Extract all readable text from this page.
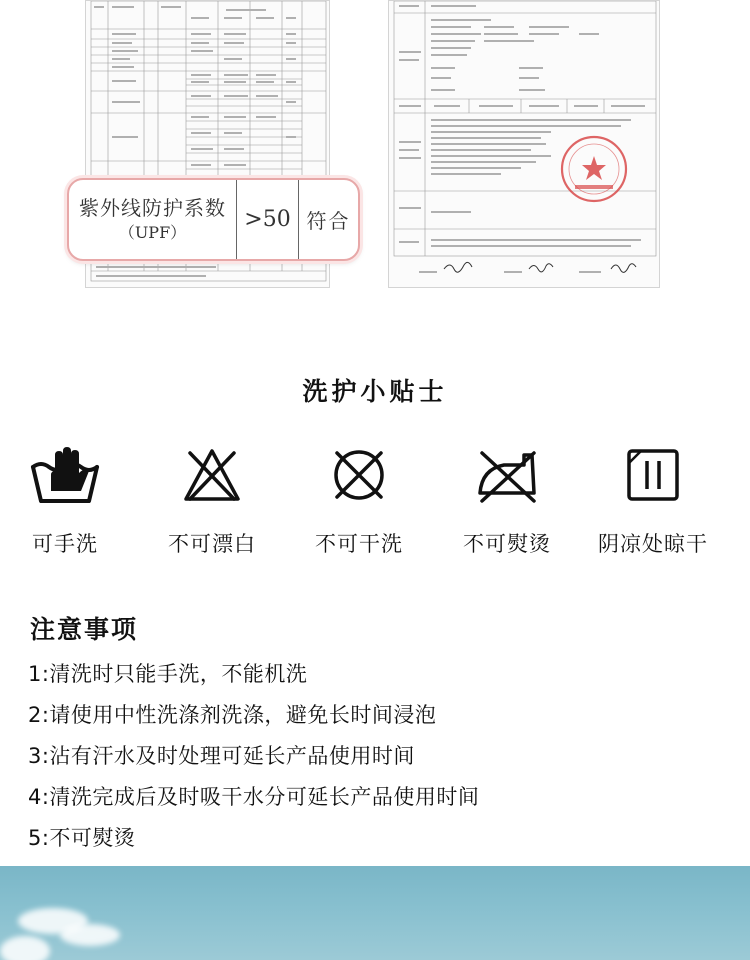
紫外线防护系数
（UPF）
>50 符合
洗护小贴士
可手洗	不可漂白	不可干洗	不可熨烫	阴凉处晾干
注意事项
1:清洗时只能手洗，不能机洗
2:请使用中性洗涤剂洗涤，避免长时间浸泡
3:沾有汗水及时处理可延长产品使用时间
4:清洗完成后及时吸干水分可延长产品使用时间
5:不可熨烫
